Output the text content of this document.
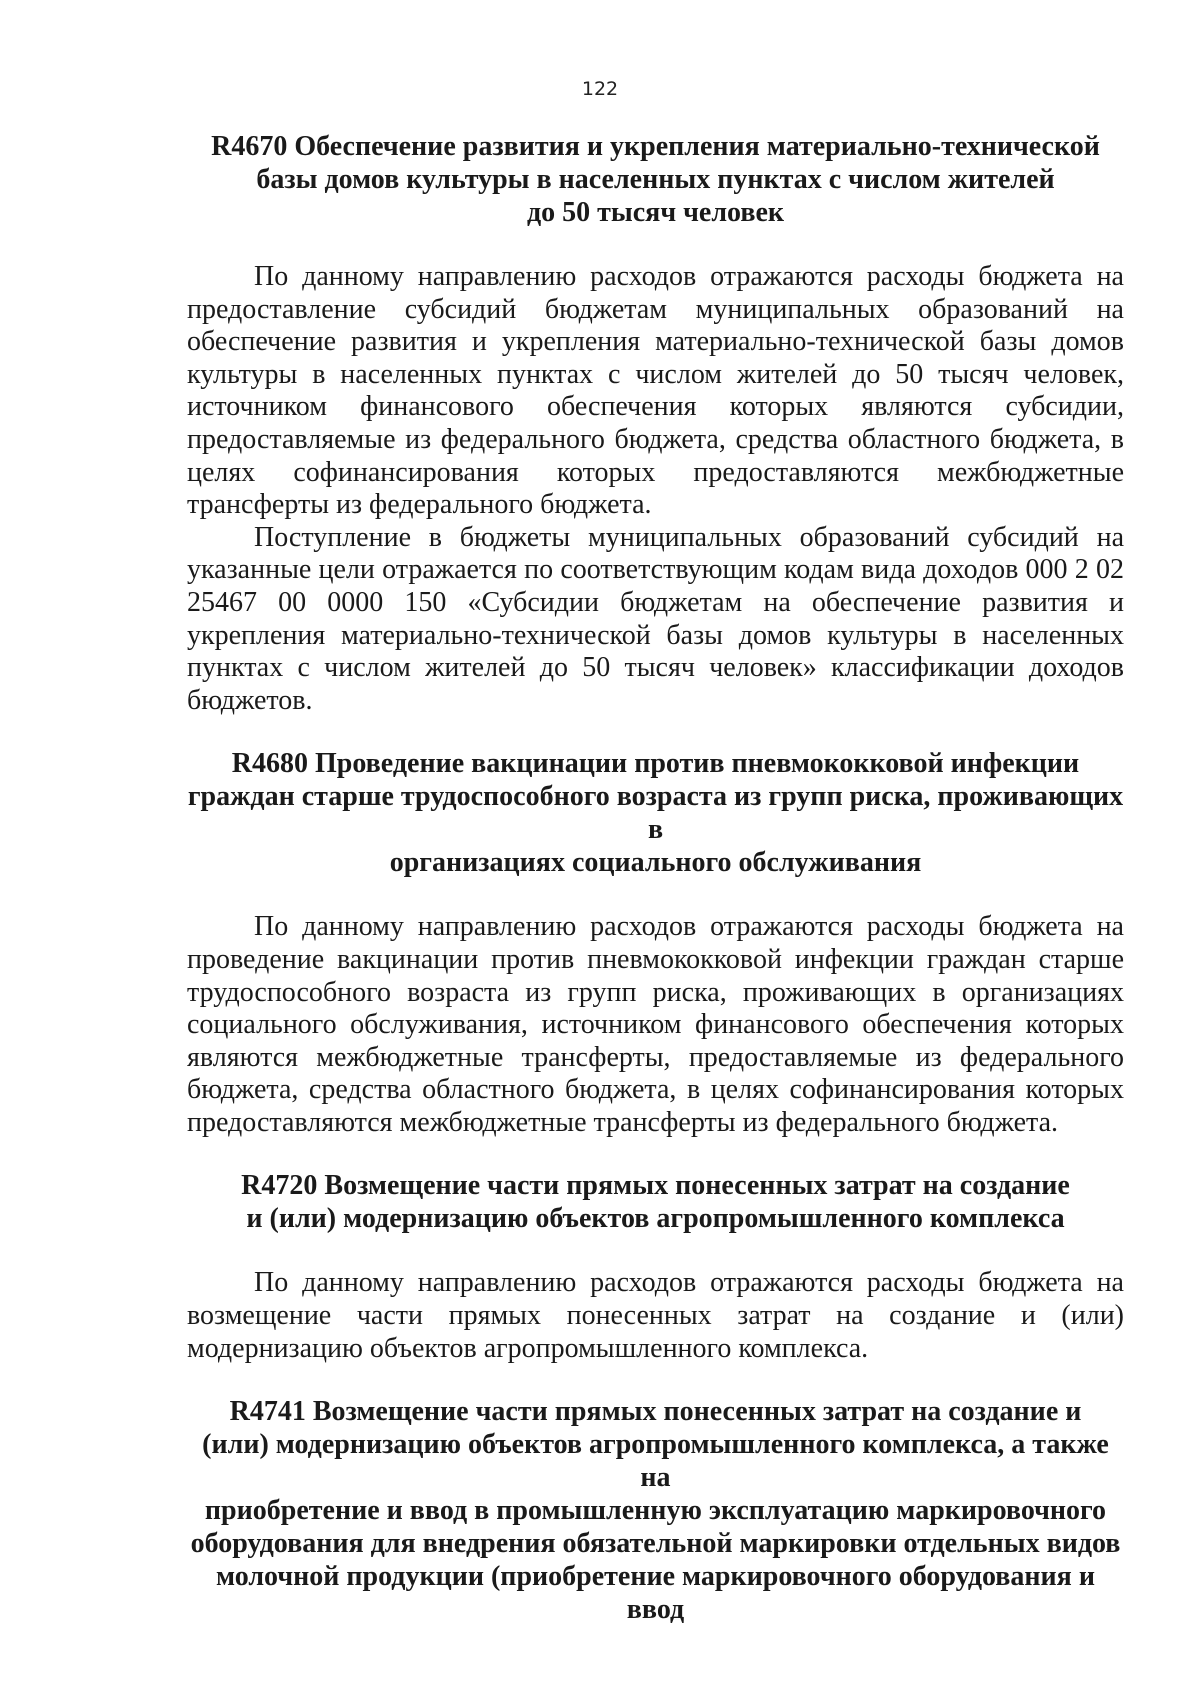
122
R4670 Обеспечение развития и укрепления материально-технической
базы домов культуры в населенных пунктах с числом жителей
до 50 тысяч человек

По данному направлению расходов отражаются расходы бюджета на предоставление субсидий бюджетам муниципальных образований на обеспечение развития и укрепления материально-технической базы домов культуры в населенных пунктах с числом жителей до 50 тысяч человек, источником финансового обеспечения которых являются субсидии, предоставляемые из федерального бюджета, средства областного бюджета, в целях софинансирования которых предоставляются межбюджетные трансферты из федерального бюджета.

Поступление в бюджеты муниципальных образований субсидий на указанные цели отражается по соответствующим кодам вида доходов 000 2 02 25467 00 0000 150 «Субсидии бюджетам на обеспечение развития и укрепления материально-технической базы домов культуры в населенных пунктах с числом жителей до 50 тысяч человек» классификации доходов бюджетов.

R4680 Проведение вакцинации против пневмококковой инфекции
граждан старше трудоспособного возраста из групп риска, проживающих в
организациях социального обслуживания

По данному направлению расходов отражаются расходы бюджета на проведение вакцинации против пневмококковой инфекции граждан старше трудоспособного возраста из групп риска, проживающих в организациях социального обслуживания, источником финансового обеспечения которых являются межбюджетные трансферты, предоставляемые из федерального бюджета, средства областного бюджета, в целях софинансирования которых предоставляются межбюджетные трансферты из федерального бюджета.

R4720 Возмещение части прямых понесенных затрат на создание
и (или) модернизацию объектов агропромышленного комплекса

По данному направлению расходов отражаются расходы бюджета на возмещение части прямых понесенных затрат на создание и (или) модернизацию объектов агропромышленного комплекса.

R4741 Возмещение части прямых понесенных затрат на создание и
(или) модернизацию объектов агропромышленного комплекса, а также на
приобретение и ввод в промышленную эксплуатацию маркировочного
оборудования для внедрения обязательной маркировки отдельных видов
молочной продукции (приобретение маркировочного оборудования и ввод
